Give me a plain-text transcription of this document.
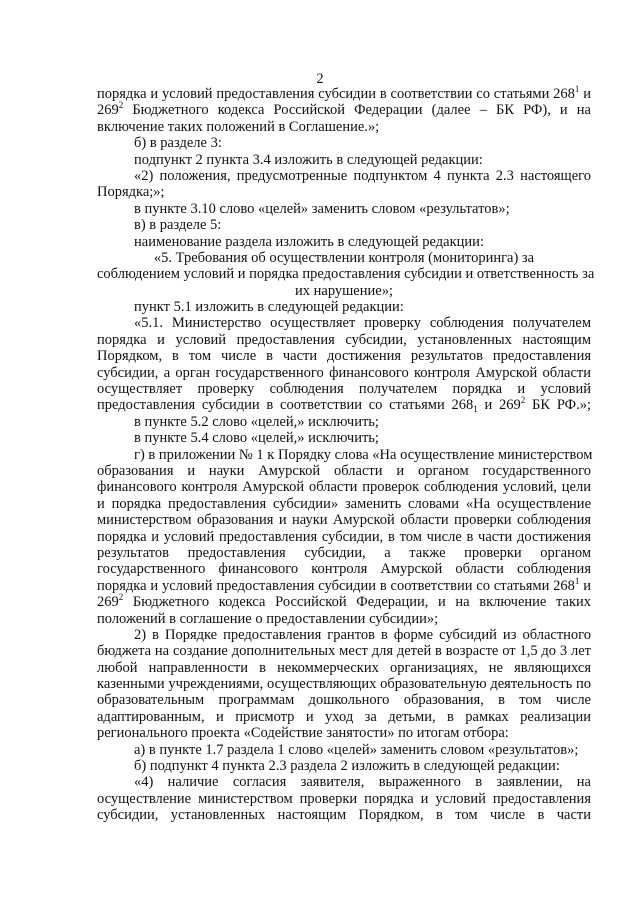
2
порядка и условий предоставления субсидии в соответствии со статьями $268^1$ и
$269^2$ Бюджетного кодекса Российской Федерации (далее – БК РФ), и на
включение таких положений в Соглашение.»;
б) в разделе 3:
подпункт 2 пункта 3.4 изложить в следующей редакции:
«2) положения, предусмотренные подпунктом 4 пункта 2.3 настоящего
Порядка;»;
в пункте 3.10 слово «целей» заменить словом «результатов»;
в) в разделе 5:
наименование раздела изложить в следующей редакции:
«5. Требования об осуществлении контроля (мониторинга) за
соблюдением условий и порядка предоставления субсидии и ответственность за
их нарушение»;
пункт 5.1 изложить в следующей редакции:
«5.1. Министерство осуществляет проверку соблюдения получателем
порядка и условий предоставления субсидии, установленных настоящим
Порядком, в том числе в части достижения результатов предоставления
субсидии, а орган государственного финансового контроля Амурской области
осуществляет проверку соблюдения получателем порядка и условий
предоставления субсидии в соответствии со статьями $268_1$ и $269^2$ БК РФ.»;
в пункте 5.2 слово «целей,» исключить;
в пункте 5.4 слово «целей,» исключить;
г) в приложении № 1 к Порядку слова «На осуществление министерством
образования и науки Амурской области и органом государственного
финансового контроля Амурской области проверок соблюдения условий, цели
и порядка предоставления субсидии» заменить словами «На осуществление
министерством образования и науки Амурской области проверки соблюдения
порядка и условий предоставления субсидии, в том числе в части достижения
результатов предоставления субсидии, а также проверки органом
государственного финансового контроля Амурской области соблюдения
порядка и условий предоставления субсидии в соответствии со статьями $268^1$ и
$269^2$ Бюджетного кодекса Российской Федерации, и на включение таких
положений в соглашение о предоставлении субсидии»;
2) в Порядке предоставления грантов в форме субсидий из областного
бюджета на создание дополнительных мест для детей в возрасте от 1,5 до 3 лет
любой направленности в некоммерческих организациях, не являющихся
казенными учреждениями, осуществляющих образовательную деятельность по
образовательным программам дошкольного образования, в том числе
адаптированным, и присмотр и уход за детьми, в рамках реализации
регионального проекта «Содействие занятости» по итогам отбора:
а) в пункте 1.7 раздела 1 слово «целей» заменить словом «результатов»;
б) подпункт 4 пункта 2.3 раздела 2 изложить в следующей редакции:
«4) наличие согласия заявителя, выраженного в заявлении, на
осуществление министерством проверки порядка и условий предоставления
субсидии, установленных настоящим Порядком, в том числе в части
